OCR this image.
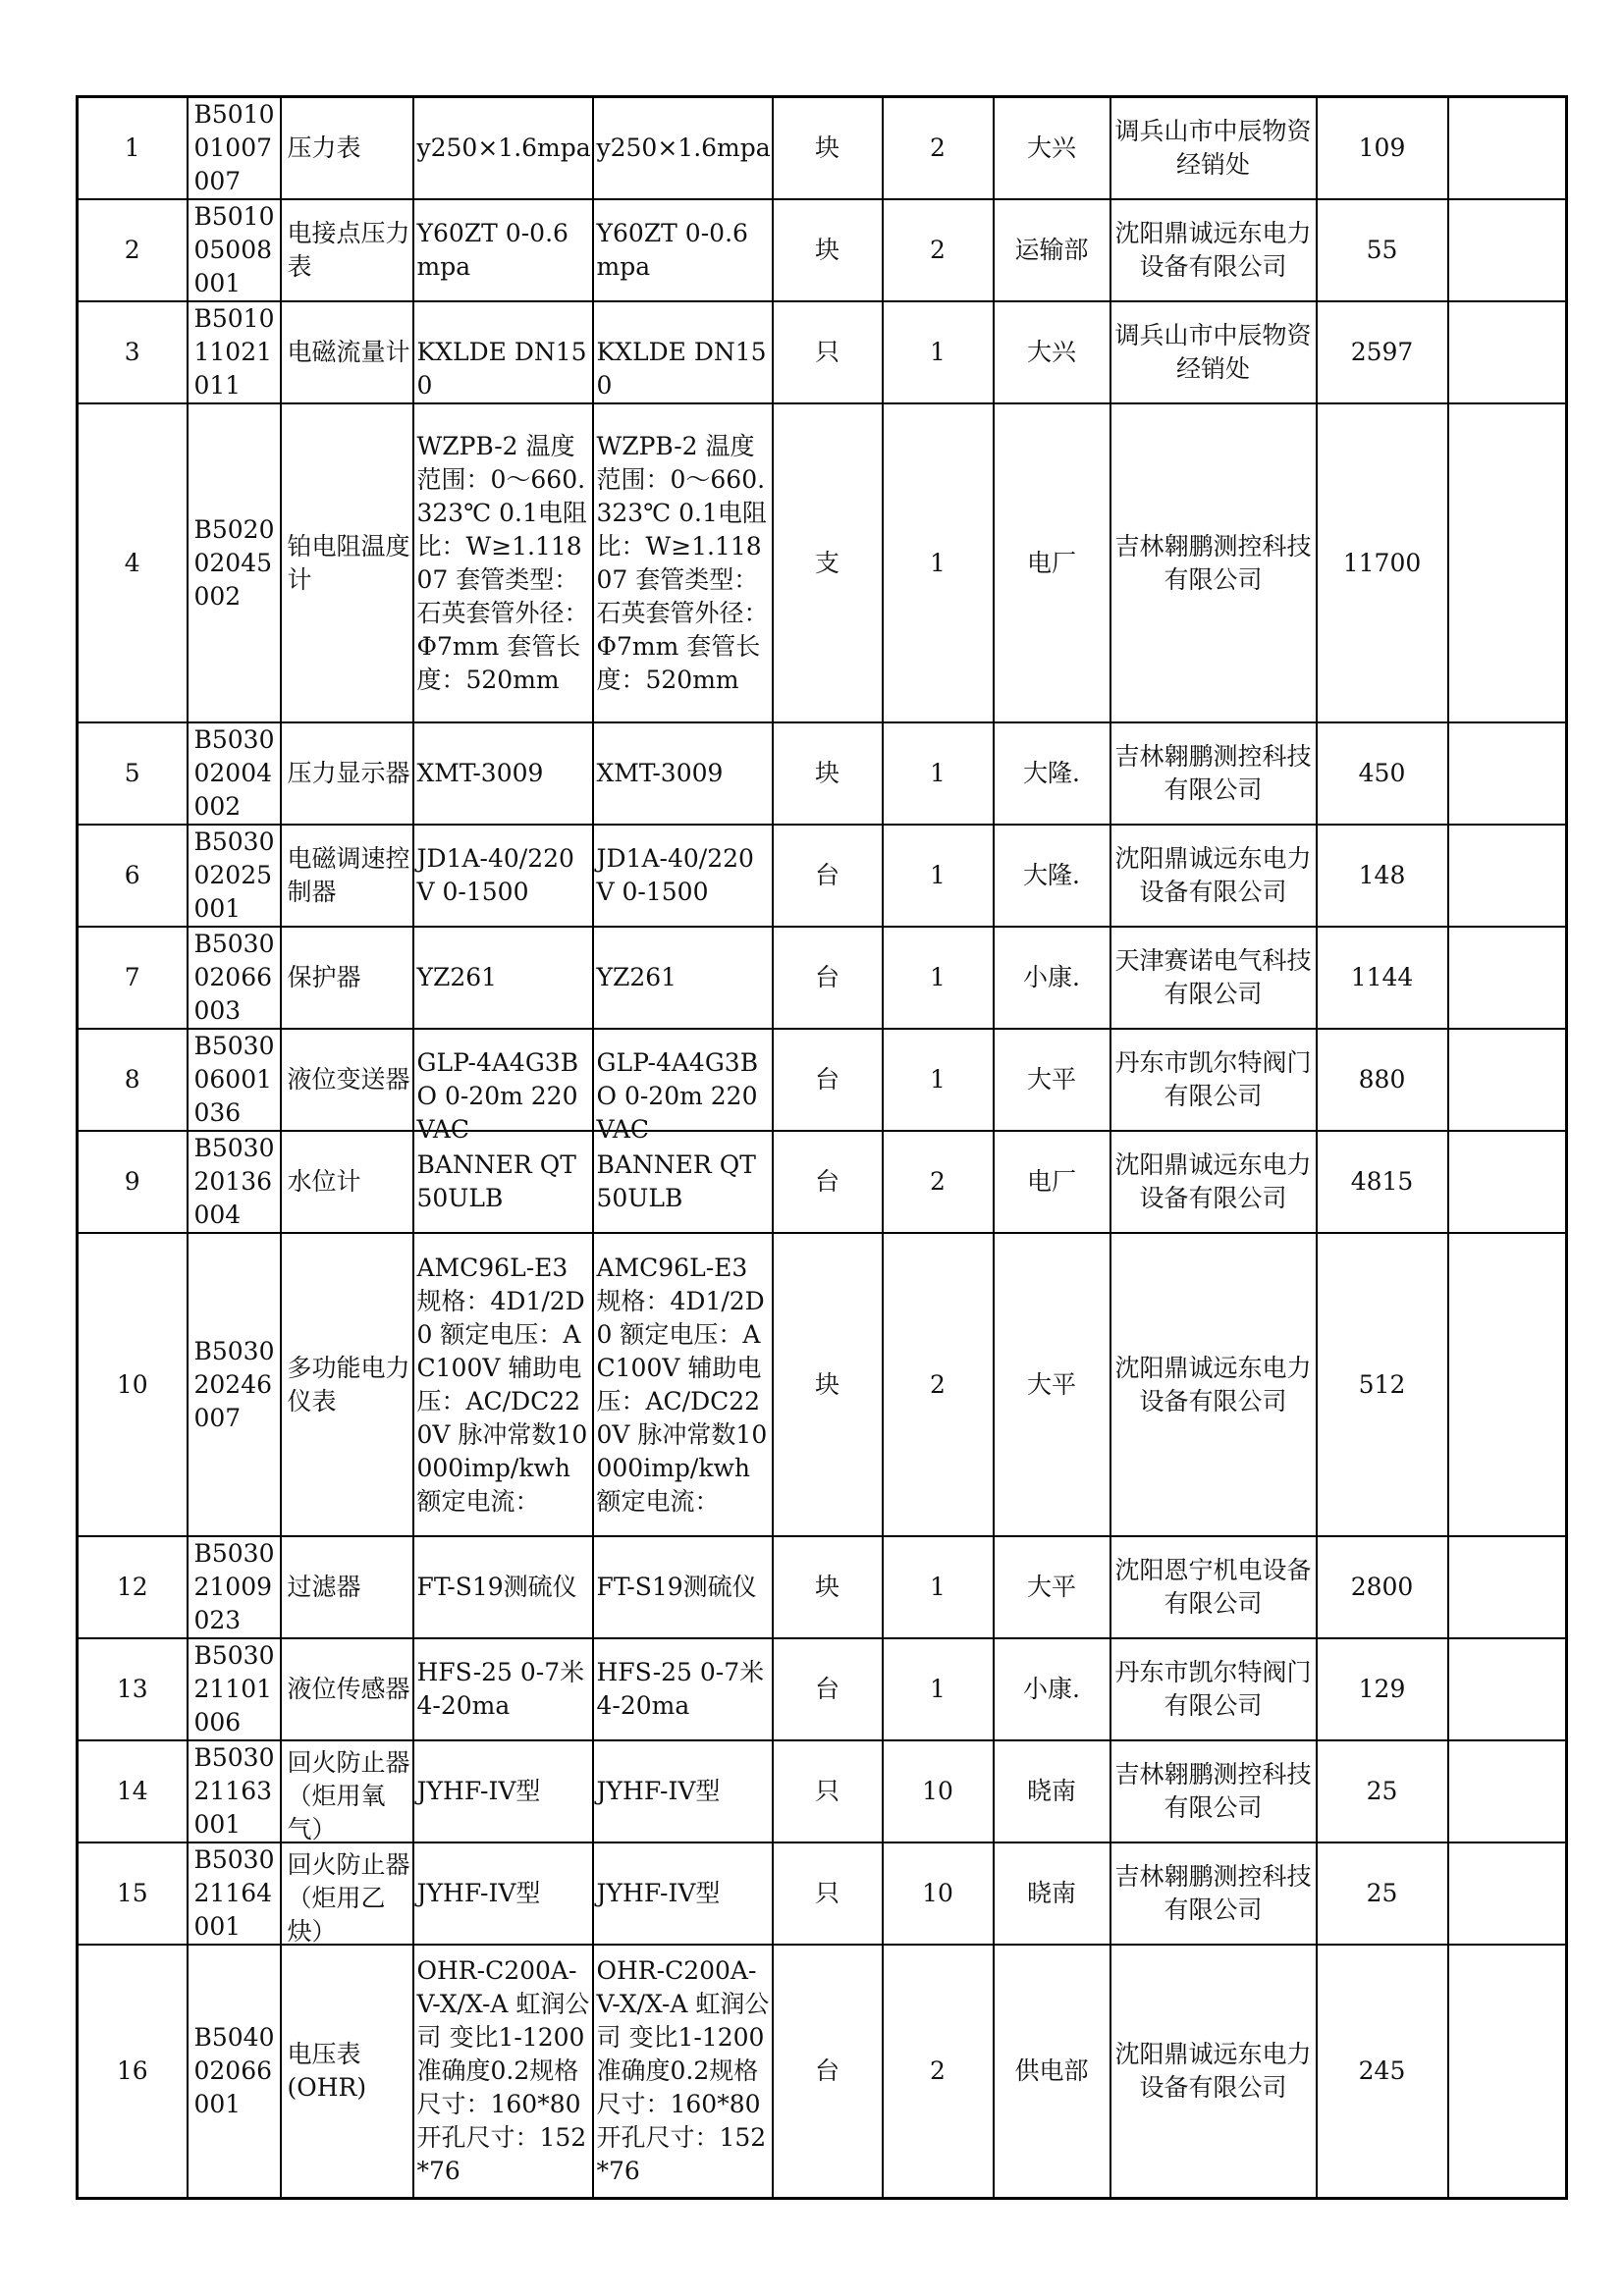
1	B501001007007	压力表	y250×1.6mpa	y250×1.6mpa	块	2	大兴	调兵山市中辰物资经销处	109	

2	B501005008001	电接点压力表	Y60ZT 0-0.6mpa	Y60ZT 0-0.6mpa	块	2	运输部	沈阳鼎诚远东电力设备有限公司	55	

3	B501011021011	电磁流量计	KXLDE DN150	KXLDE DN150	只	1	大兴	调兵山市中辰物资经销处	2597	

4	B502002045002	铂电阻温度计	WZPB-2 温度范围：0～660.323℃ 0.1电阻比：W≥1.11807 套管类型：石英套管外径：Φ7mm 套管长度：520mm	WZPB-2 温度范围：0～660.323℃ 0.1电阻比：W≥1.11807 套管类型：石英套管外径：Φ7mm 套管长度：520mm	支	1	电厂	吉林翱鹏测控科技有限公司	11700	

5	B503002004002	压力显示器	XMT-3009	XMT-3009	块	1	大隆.	吉林翱鹏测控科技有限公司	450	

6	B503002025001	电磁调速控制器	JD1A-40/220V 0-1500	JD1A-40/220V 0-1500	台	1	大隆.	沈阳鼎诚远东电力设备有限公司	148	

7	B503002066003	保护器	YZ261	YZ261	台	1	小康.	天津赛诺电气科技有限公司	1144	

8	B503006001036	液位变送器	GLP-4A4G3BO 0-20m 220VAC	GLP-4A4G3BO 0-20m 220VAC	台	1	大平	丹东市凯尔特阀门有限公司	880	

9	B503020136004	水位计	BANNER QT50ULB	BANNER QT50ULB	台	2	电厂	沈阳鼎诚远东电力设备有限公司	4815	

10	B503020246007	多功能电力仪表	AMC96L-E3 规格：4D1/2D0 额定电压：AC100V 辅助电压：AC/DC220V 脉冲常数10000imp/kwh 额定电流：	AMC96L-E3 规格：4D1/2D0 额定电压：AC100V 辅助电压：AC/DC220V 脉冲常数10000imp/kwh 额定电流：	块	2	大平	沈阳鼎诚远东电力设备有限公司	512	

12	B503021009023	过滤器	FT-S19测硫仪	FT-S19测硫仪	块	1	大平	沈阳恩宁机电设备有限公司	2800	

13	B503021101006	液位传感器	HFS-25 0-7米4-20ma	HFS-25 0-7米4-20ma	台	1	小康.	丹东市凯尔特阀门有限公司	129	

14	B503021163001	回火防止器（炬用氧气）	JYHF-IV型	JYHF-IV型	只	10	晓南	吉林翱鹏测控科技有限公司	25	

15	B503021164001	回火防止器（炬用乙炔）	JYHF-IV型	JYHF-IV型	只	10	晓南	吉林翱鹏测控科技有限公司	25	

16	B504002066001	电压表(OHR)	OHR-C200A-V-X/X-A 虹润公司 变比1-1200准确度0.2规格尺寸：160*80 开孔尺寸：152*76	OHR-C200A-V-X/X-A 虹润公司 变比1-1200准确度0.2规格尺寸：160*80 开孔尺寸：152*76	台	2	供电部	沈阳鼎诚远东电力设备有限公司	245	
